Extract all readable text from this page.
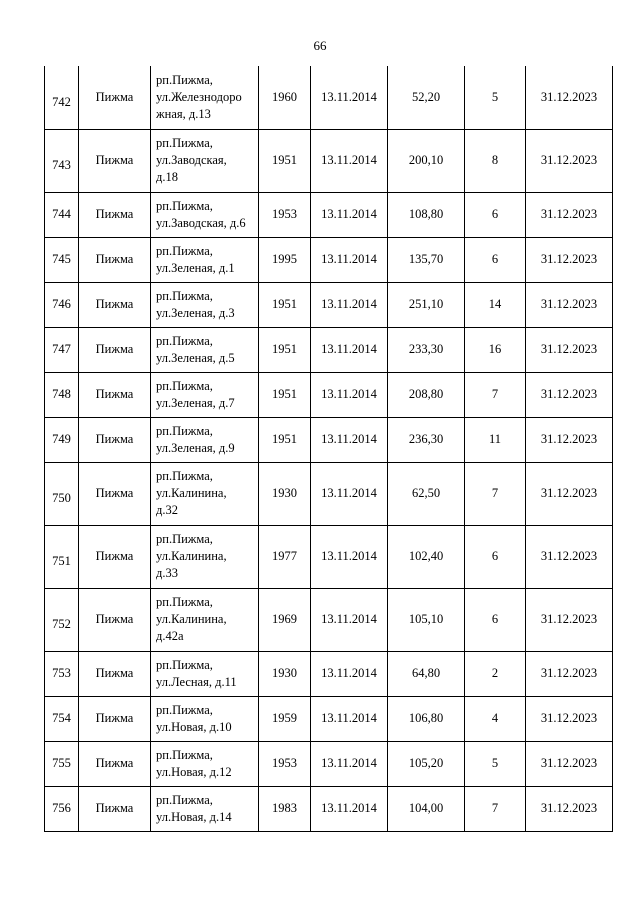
66
742	Пижма	рп.Пижма,
ул.Железнодоро
жная, д.13	1960	13.11.2014	52,20	5	31.12.2023

743	Пижма	рп.Пижма,
ул.Заводская,
д.18	1951	13.11.2014	200,10	8	31.12.2023

744	Пижма	рп.Пижма,
ул.Заводская, д.6	1953	13.11.2014	108,80	6	31.12.2023

745	Пижма	рп.Пижма,
ул.Зеленая, д.1	1995	13.11.2014	135,70	6	31.12.2023

746	Пижма	рп.Пижма,
ул.Зеленая, д.3	1951	13.11.2014	251,10	14	31.12.2023

747	Пижма	рп.Пижма,
ул.Зеленая, д.5	1951	13.11.2014	233,30	16	31.12.2023

748	Пижма	рп.Пижма,
ул.Зеленая, д.7	1951	13.11.2014	208,80	7	31.12.2023

749	Пижма	рп.Пижма,
ул.Зеленая, д.9	1951	13.11.2014	236,30	11	31.12.2023

750	Пижма	рп.Пижма,
ул.Калинина,
д.32	1930	13.11.2014	62,50	7	31.12.2023

751	Пижма	рп.Пижма,
ул.Калинина,
д.33	1977	13.11.2014	102,40	6	31.12.2023

752	Пижма	рп.Пижма,
ул.Калинина,
д.42а	1969	13.11.2014	105,10	6	31.12.2023

753	Пижма	рп.Пижма,
ул.Лесная, д.11	1930	13.11.2014	64,80	2	31.12.2023

754	Пижма	рп.Пижма,
ул.Новая, д.10	1959	13.11.2014	106,80	4	31.12.2023

755	Пижма	рп.Пижма,
ул.Новая, д.12	1953	13.11.2014	105,20	5	31.12.2023

756	Пижма	рп.Пижма,
ул.Новая, д.14	1983	13.11.2014	104,00	7	31.12.2023
